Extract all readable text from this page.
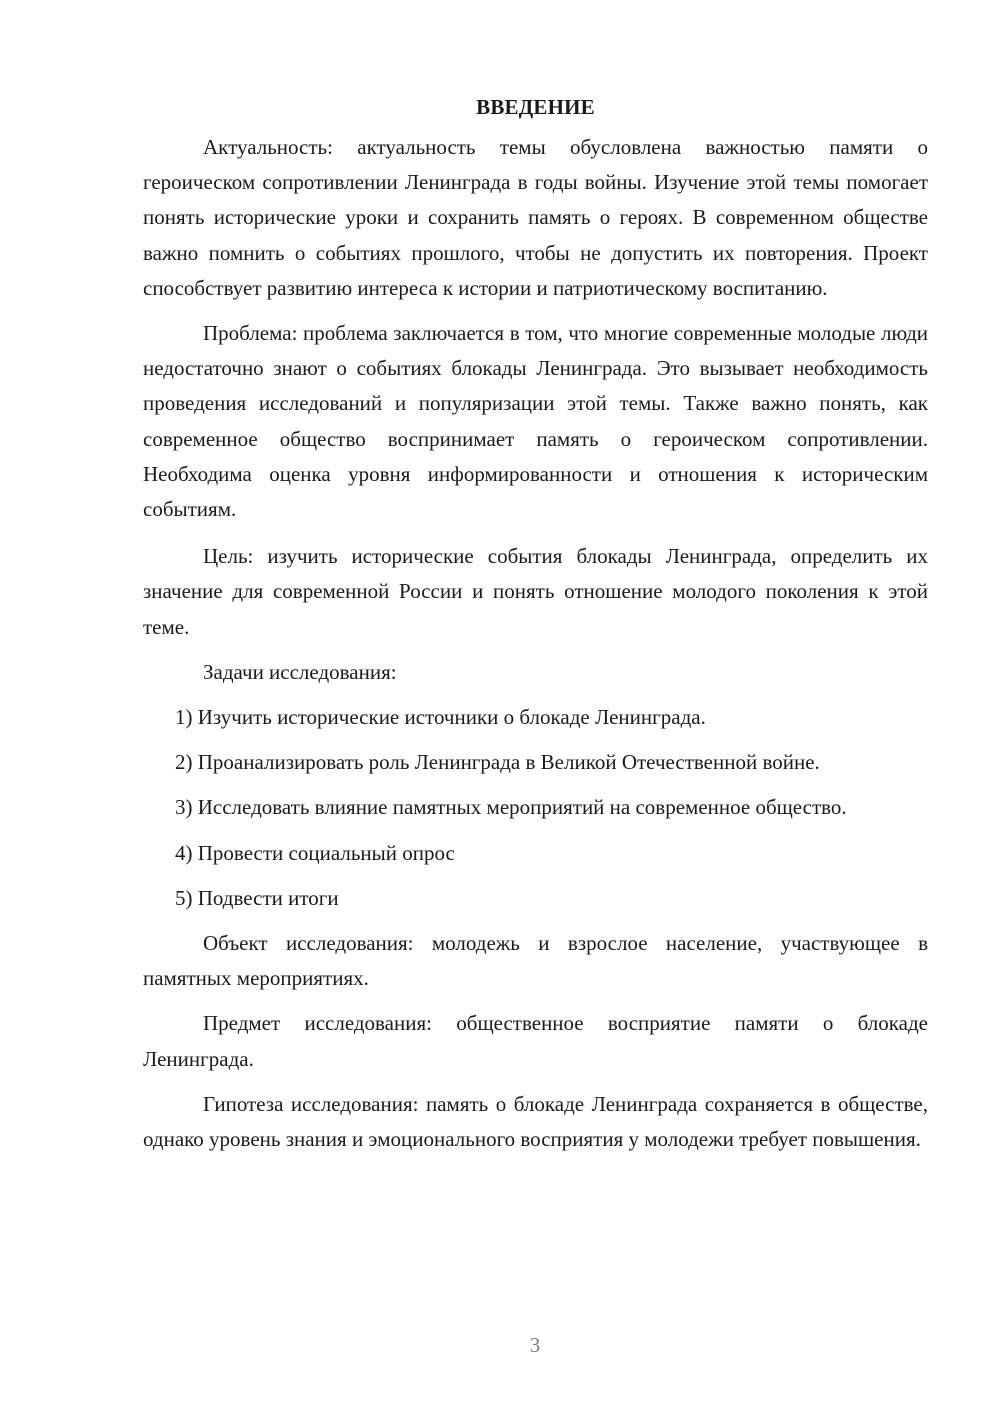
ВВЕДЕНИЕ

Актуальность: актуальность темы обусловлена важностью памяти о героическом сопротивлении Ленинграда в годы войны. Изучение этой темы помогает понять исторические уроки и сохранить память о героях. В современном обществе важно помнить о событиях прошлого, чтобы не допустить их повторения. Проект способствует развитию интереса к истории и патриотическому воспитанию.

Проблема: проблема заключается в том, что многие современные молодые люди недостаточно знают о событиях блокады Ленинграда. Это вызывает необходимость проведения исследований и популяризации этой темы. Также важно понять, как современное общество воспринимает память о героическом сопротивлении. Необходима оценка уровня информированности и отношения к историческим событиям.

Цель: изучить исторические события блокады Ленинграда, определить их значение для современной России и понять отношение молодого поколения к этой теме.

Задачи исследования:

1) Изучить исторические источники о блокаде Ленинграда.

2) Проанализировать роль Ленинграда в Великой Отечественной войне.

3) Исследовать влияние памятных мероприятий на современное общество.

4) Провести социальный опрос

5) Подвести итоги

Объект исследования: молодежь и взрослое население, участвующее в памятных мероприятиях.

Предмет исследования: общественное восприятие памяти о блокаде Ленинграда.

Гипотеза исследования: память о блокаде Ленинграда сохраняется в обществе, однако уровень знания и эмоционального восприятия у молодежи требует повышения.

3
